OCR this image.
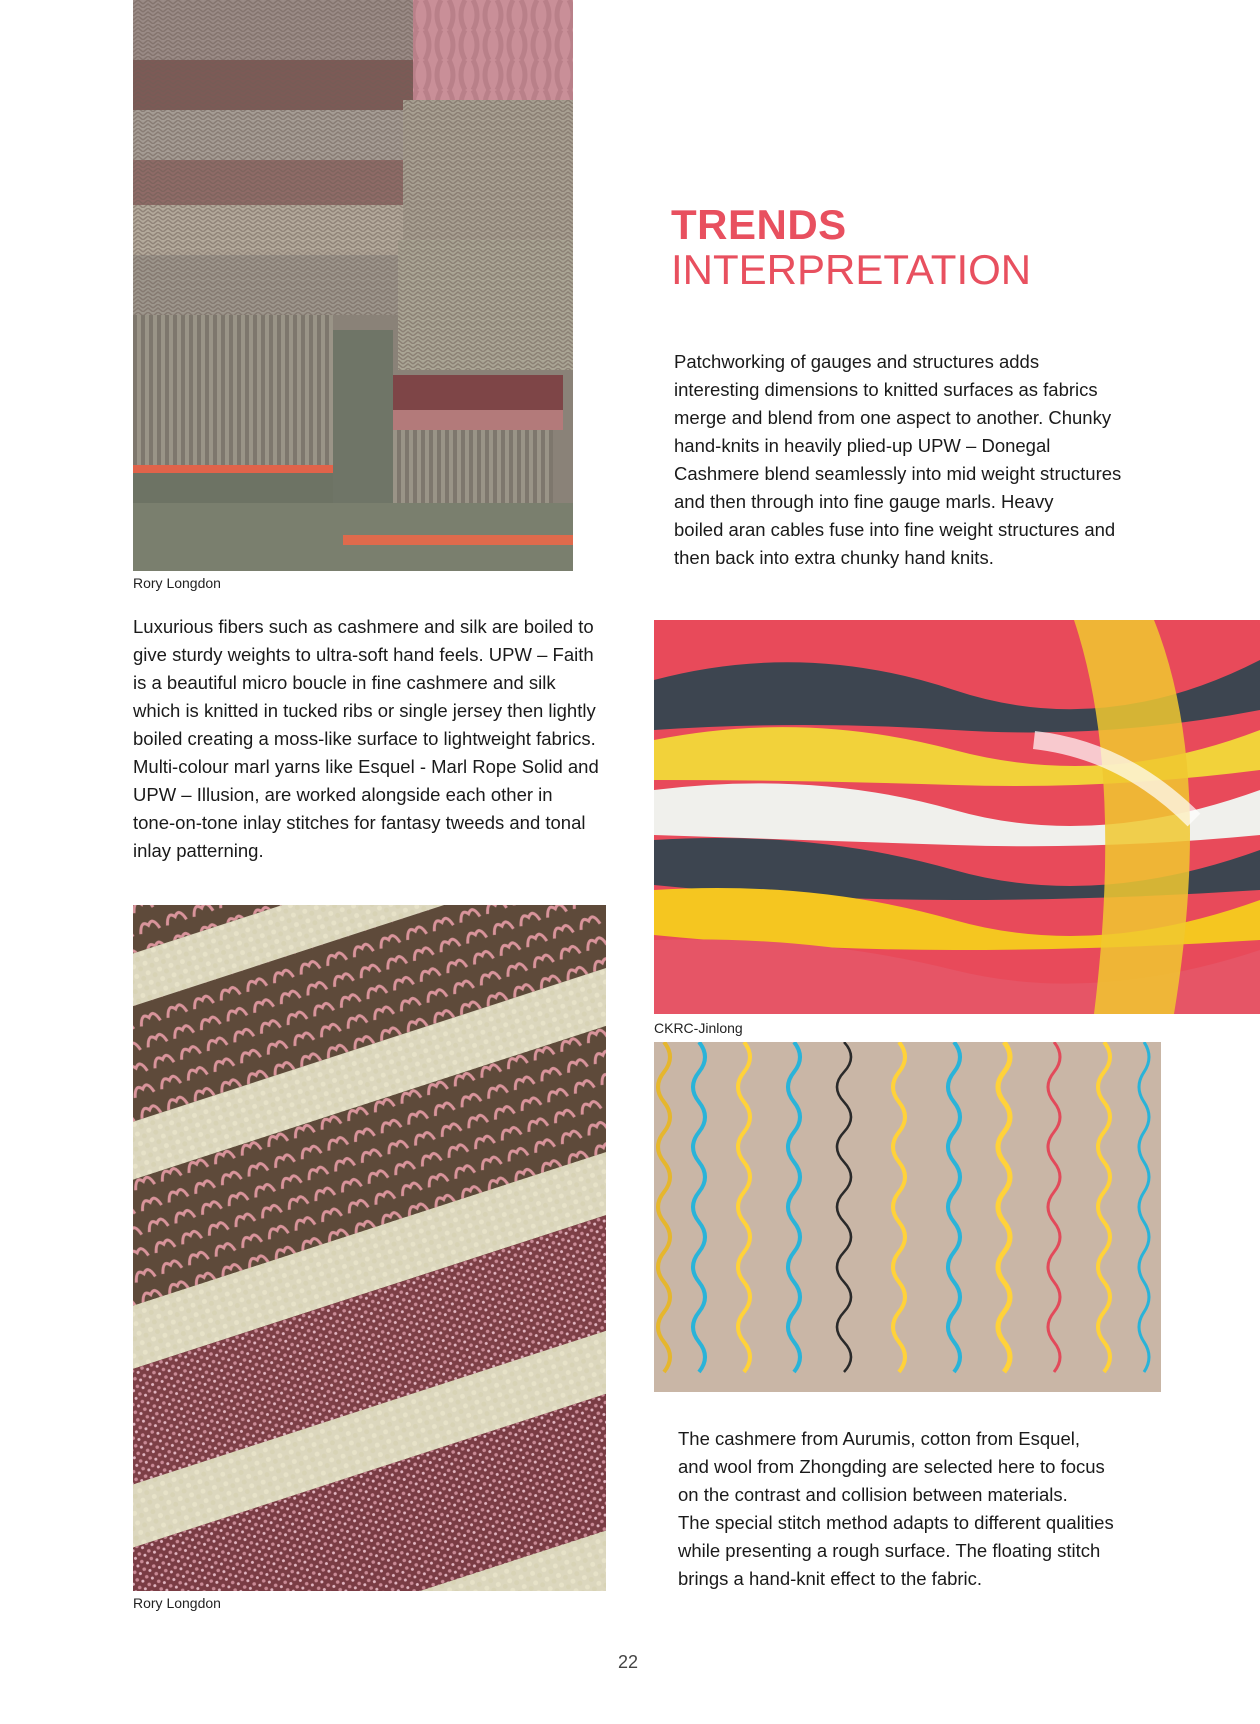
Rory Longdon
TRENDS
INTERPRETATION
Patchworking of gauges and structures adds
interesting dimensions to knitted surfaces as fabrics
merge and blend from one aspect to another. Chunky
hand-knits in heavily plied-up UPW – Donegal
Cashmere blend seamlessly into mid weight structures
and then through into fine gauge marls. Heavy
boiled aran cables fuse into fine weight structures and
then back into extra chunky hand knits.
Luxurious fibers such as cashmere and silk are boiled to
give sturdy weights to ultra-soft hand feels. UPW – Faith
is a beautiful micro boucle in fine cashmere and silk
which is knitted in tucked ribs or single jersey then lightly
boiled creating a moss-like surface to lightweight fabrics.
Multi-colour marl yarns like Esquel - Marl Rope Solid and
UPW – Illusion, are worked alongside each other in
tone-on-tone inlay stitches for fantasy tweeds and tonal
inlay patterning.
CKRC-Jinlong
Rory Longdon
The cashmere from Aurumis, cotton from Esquel,
and wool from Zhongding are selected here to focus
on the contrast and collision between materials.
The special stitch method adapts to different qualities
while presenting a rough surface. The floating stitch
brings a hand-knit effect to the fabric.
22
